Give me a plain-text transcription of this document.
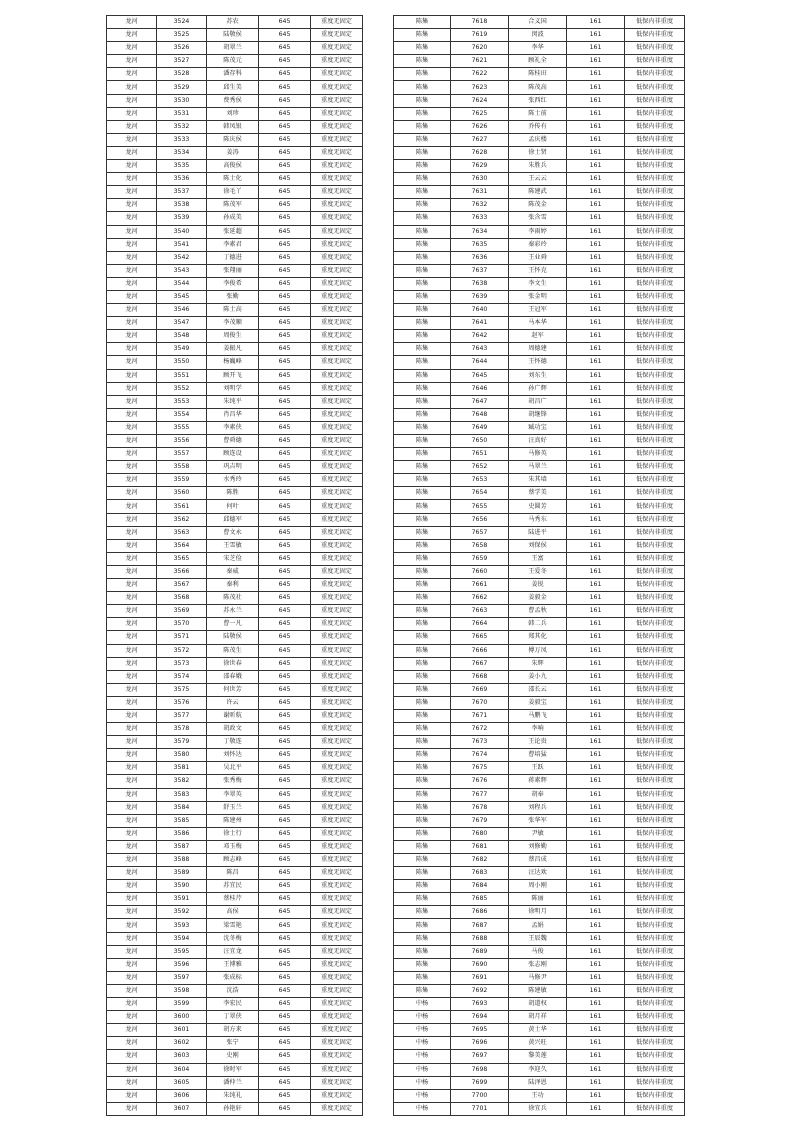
龙河	3524	苏农	645	重度无固定
龙河	3525	陆敬侯	645	重度无固定
龙河	3526	胡翠兰	645	重度无固定
龙河	3527	陈茂元	645	重度无固定
龙河	3528	潘存科	645	重度无固定
龙河	3529	邱生美	645	重度无固定
龙河	3530	费秀侯	645	重度无固定
龙河	3531	刘珍	645	重度无固定
龙河	3532	韩凤银	645	重度无固定
龙河	3533	陈庆侯	645	重度无固定
龙河	3534	姜涛	645	重度无固定
龙河	3535	高俊侯	645	重度无固定
龙河	3536	陈士化	645	重度无固定
龙河	3537	徐毛丫	645	重度无固定
龙河	3538	陈茂军	645	重度无固定
龙河	3539	孙成美	645	重度无固定
龙河	3540	张延超	645	重度无固定
龙河	3541	李素君	645	重度无固定
龙河	3542	丁德进	645	重度无固定
龙河	3543	张翔丽	645	重度无固定
龙河	3544	李俊希	645	重度无固定
龙河	3545	张勤	645	重度无固定
龙河	3546	陈士高	645	重度无固定
龙河	3547	李茂顺	645	重度无固定
龙河	3548	周俊生	645	重度无固定
龙河	3549	姜振凡	645	重度无固定
龙河	3550	杨巍峰	645	重度无固定
龙河	3551	顾开飞	645	重度无固定
龙河	3552	刘明学	645	重度无固定
龙河	3553	朱纯平	645	重度无固定
龙河	3554	肖昌华	645	重度无固定
龙河	3555	李素侠	645	重度无固定
龙河	3556	曹舜德	645	重度无固定
龙河	3557	顾连设	645	重度无固定
龙河	3558	巩吉明	645	重度无固定
龙河	3559	水秀玲	645	重度无固定
龙河	3560	陈胜	645	重度无固定
龙河	3561	何叶	645	重度无固定
龙河	3562	邱德军	645	重度无固定
龙河	3563	曹文永	645	重度无固定
龙河	3564	王雪敏	645	重度无固定
龙河	3565	宋芝俭	645	重度无固定
龙河	3566	秦威	645	重度无固定
龙河	3567	秦利	645	重度无固定
龙河	3568	陈茂社	645	重度无固定
龙河	3569	苏永兰	645	重度无固定
龙河	3570	曹一凡	645	重度无固定
龙河	3571	陆敬侯	645	重度无固定
龙河	3572	陈茂生	645	重度无固定
龙河	3573	徐世春	645	重度无固定
龙河	3574	邵春娥	645	重度无固定
龙河	3575	何世芳	645	重度无固定
龙河	3576	许云	645	重度无固定
龙河	3577	谢昕航	645	重度无固定
龙河	3578	胡政文	645	重度无固定
龙河	3579	丁敬连	645	重度无固定
龙河	3580	刘怀达	645	重度无固定
龙河	3581	吴北平	645	重度无固定
龙河	3582	张秀梅	645	重度无固定
龙河	3583	李翠英	645	重度无固定
龙河	3584	舒玉兰	645	重度无固定
龙河	3585	陈建州	645	重度无固定
龙河	3586	徐士行	645	重度无固定
龙河	3587	邓玉梅	645	重度无固定
龙河	3588	顾志峰	645	重度无固定
龙河	3589	陈昌	645	重度无固定
龙河	3590	苏宜民	645	重度无固定
龙河	3591	蔡桂芹	645	重度无固定
龙河	3592	高侯	645	重度无固定
龙河	3593	梁雪艳	645	重度无固定
龙河	3594	沈冬梅	645	重度无固定
龙河	3595	汪宜龙	645	重度无固定
龙河	3596	王博雅	645	重度无固定
龙河	3597	张成标	645	重度无固定
龙河	3598	沈浩	645	重度无固定
龙河	3599	李宏民	645	重度无固定
龙河	3600	丁翠侠	645	重度无固定
龙河	3601	胡方来	645	重度无固定
龙河	3602	张宁	645	重度无固定
龙河	3603	史刚	645	重度无固定
龙河	3604	徐时军	645	重度无固定
龙河	3605	潘仲兰	645	重度无固定
龙河	3606	朱纯礼	645	重度无固定
龙河	3607	孙艳轩	645	重度无固定
陈集	7618	合义国	161	低保内非重度
陈集	7619	闵波	161	低保内非重度
陈集	7620	李华	161	低保内非重度
陈集	7621	顾礼全	161	低保内非重度
陈集	7622	陈桂田	161	低保内非重度
陈集	7623	陈茂高	161	低保内非重度
陈集	7624	张西红	161	低保内非重度
陈集	7625	陈士前	161	低保内非重度
陈集	7626	乔传有	161	低保内非重度
陈集	7627	孟庆楼	161	低保内非重度
陈集	7628	徐士贤	161	低保内非重度
陈集	7629	朱胜兵	161	低保内非重度
陈集	7630	王云云	161	低保内非重度
陈集	7631	陈建武	161	低保内非重度
陈集	7632	陈茂金	161	低保内非重度
陈集	7633	张含雪	161	低保内非重度
陈集	7634	李雨婷	161	低保内非重度
陈集	7635	秦彩玲	161	低保内非重度
陈集	7636	王业舜	161	低保内非重度
陈集	7637	王怀克	161	低保内非重度
陈集	7638	李文生	161	低保内非重度
陈集	7639	张金明	161	低保内非重度
陈集	7640	王冠军	161	低保内非重度
陈集	7641	马本华	161	低保内非重度
陈集	7642	赵军	161	低保内非重度
陈集	7643	周德建	161	低保内非重度
陈集	7644	王怀德	161	低保内非重度
陈集	7645	刘东生	161	低保内非重度
陈集	7646	孙广辉	161	低保内非重度
陈集	7647	胡昌广	161	低保内非重度
陈集	7648	胡继锋	161	低保内非重度
陈集	7649	臧功宝	161	低保内非重度
陈集	7650	汪真好	161	低保内非重度
陈集	7651	马修英	161	低保内非重度
陈集	7652	马翠兰	161	低保内非重度
陈集	7653	朱其墙	161	低保内非重度
陈集	7654	蔡学美	161	低保内非重度
陈集	7655	史圆芳	161	低保内非重度
陈集	7656	马秀东	161	低保内非重度
陈集	7657	陆进平	161	低保内非重度
陈集	7658	刘保侯	161	低保内非重度
陈集	7659	王富	161	低保内非重度
陈集	7660	王爱冬	161	低保内非重度
陈集	7661	姜锐	161	低保内非重度
陈集	7662	姜毅金	161	低保内非重度
陈集	7663	曹孟秋	161	低保内非重度
陈集	7664	韩二兵	161	低保内非重度
陈集	7665	郑其化	161	低保内非重度
陈集	7666	傅万凤	161	低保内非重度
陈集	7667	朱辉	161	低保内非重度
陈集	7668	姜小九	161	低保内非重度
陈集	7669	邵长云	161	低保内非重度
陈集	7670	姜毅宝	161	低保内非重度
陈集	7671	马鹏飞	161	低保内非重度
陈集	7672	李响	161	低保内非重度
陈集	7673	王论贵	161	低保内非重度
陈集	7674	曹培猛	161	低保内非重度
陈集	7675	王跃	161	低保内非重度
陈集	7676	蒋素辉	161	低保内非重度
陈集	7677	胡奉	161	低保内非重度
陈集	7678	刘程兵	161	低保内非重度
陈集	7679	张华军	161	低保内非重度
陈集	7680	尹敏	161	低保内非重度
陈集	7681	刘修勤	161	低保内非重度
陈集	7682	蔡昌成	161	低保内非重度
陈集	7683	汪达欢	161	低保内非重度
陈集	7684	周小刚	161	低保内非重度
陈集	7685	陈丽	161	低保内非重度
陈集	7686	徐明月	161	低保内非重度
陈集	7687	孟娟	161	低保内非重度
陈集	7688	王辰魏	161	低保内非重度
陈集	7689	马俊	161	低保内非重度
陈集	7690	张志刚	161	低保内非重度
陈集	7691	马修尹	161	低保内非重度
陈集	7692	陈建敏	161	低保内非重度
中杨	7693	胡道权	161	低保内非重度
中杨	7694	胡月祥	161	低保内非重度
中杨	7695	黄士华	161	低保内非重度
中杨	7696	黄兴旺	161	低保内非重度
中杨	7697	黎美莲	161	低保内非重度
中杨	7698	李迎久	161	低保内非重度
中杨	7699	陆泽恩	161	低保内非重度
中杨	7700	王功	161	低保内非重度
中杨	7701	徐宜兵	161	低保内非重度
